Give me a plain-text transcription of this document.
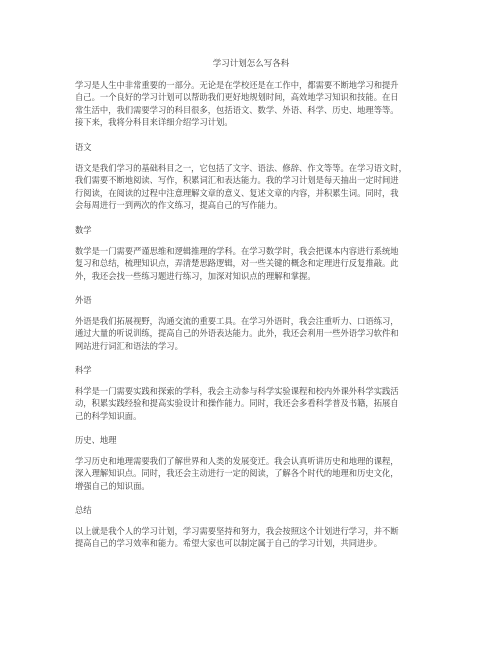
学习计划怎么写各科
学习是人生中非常重要的一部分。无论是在学校还是在工作中，都需要不断地学习和提升
自己。一个良好的学习计划可以帮助我们更好地规划时间，高效地学习知识和技能。在日
常生活中，我们需要学习的科目很多，包括语文、数学、外语、科学、历史、地理等等。
接下来，我将分科目来详细介绍学习计划。
语文
语文是我们学习的基础科目之一，它包括了文字、语法、修辞、作文等等。在学习语文时，
我们需要不断地阅读、写作，积累词汇和表达能力。我的学习计划是每天抽出一定时间进
行阅读，在阅读的过程中注意理解文章的意义、复述文章的内容，并积累生词。同时，我
会每周进行一到两次的作文练习，提高自己的写作能力。
数学
数学是一门需要严谨思维和逻辑推理的学科。在学习数学时，我会把课本内容进行系统地
复习和总结，梳理知识点，弄清楚思路逻辑，对一些关键的概念和定理进行反复推敲。此
外，我还会找一些练习题进行练习，加深对知识点的理解和掌握。
外语
外语是我们拓展视野，沟通交流的重要工具。在学习外语时，我会注重听力、口语练习，
通过大量的听说训练，提高自己的外语表达能力。此外，我还会利用一些外语学习软件和
网站进行词汇和语法的学习。
科学
科学是一门需要实践和探索的学科，我会主动参与科学实验课程和校内外课外科学实践活
动，积累实践经验和提高实验设计和操作能力。同时，我还会多看科学普及书籍，拓展自
己的科学知识面。
历史、地理
学习历史和地理需要我们了解世界和人类的发展变迁。我会认真听讲历史和地理的课程，
深入理解知识点。同时，我还会主动进行一定的阅读，了解各个时代的地理和历史文化，
增强自己的知识面。
总结
以上就是我个人的学习计划，学习需要坚持和努力，我会按照这个计划进行学习，并不断
提高自己的学习效率和能力。希望大家也可以制定属于自己的学习计划，共同进步。
